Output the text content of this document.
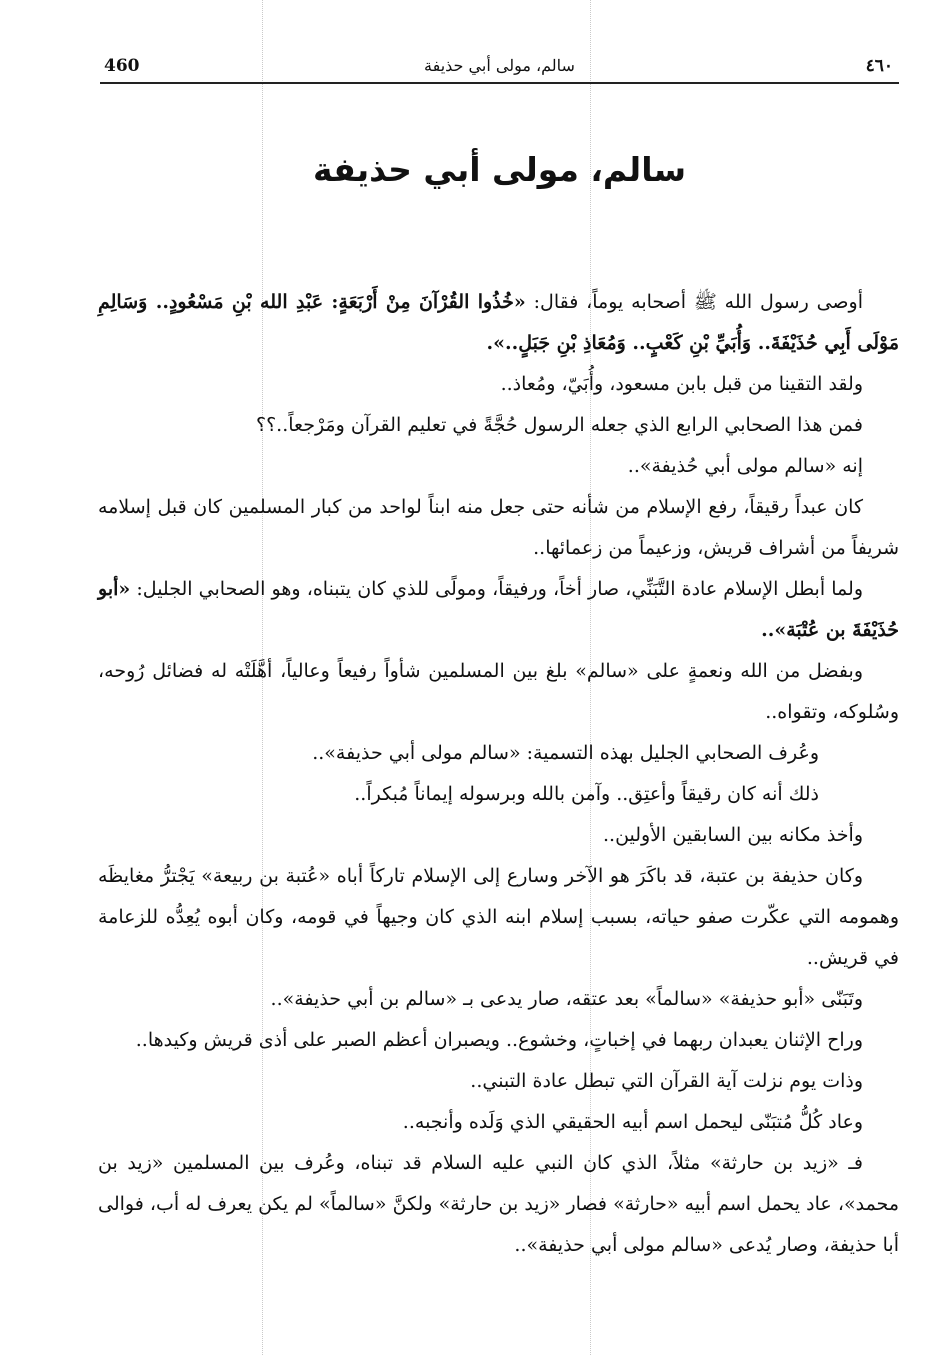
460	سالم، مولى أبي حذيفة	٤٦٠
سالم، مولى أبي حذيفة

أوصى رسول الله ﷺ أصحابه يوماً، فقال: «خُذُوا القُرْآنَ مِنْ أَرْبَعَةٍ: عَبْدِ الله بْنِ مَسْعُودٍ.. وَسَالِمِ مَوْلَى أَبِي حُذَيْفَةَ.. وَأُبَيِّ بْنِ كَعْبٍ.. وَمُعَاذِ بْنِ جَبَلٍ..».

ولقد التقينا من قبل بابن مسعود، وأُبَيّ، ومُعاذ..

فمن هذا الصحابي الرابع الذي جعله الرسول حُجَّةً في تعليم القرآن ومَرْجعاً..؟؟

إنه «سالم مولى أبي حُذيفة»..

كان عبداً رقيقاً، رفع الإسلام من شأنه حتى جعل منه ابناً لواحد من كبار المسلمين كان قبل إسلامه شريفاً من أشراف قريش، وزعيماً من زعمائها..

ولما أبطل الإسلام عادة التَّبَنِّي، صار أخاً، ورفيقاً، ومولًى للذي كان يتبناه، وهو الصحابي الجليل: «أبو حُذَيْفَةَ بن عُتْبَة»..

وبفضل من الله ونعمةٍ على «سالم» بلغ بين المسلمين شأواً رفيعاً وعالياً، أهَّلَتْه له فضائل رُوحه، وسُلوكه، وتقواه..

وعُرف الصحابي الجليل بهذه التسمية: «سالم مولى أبي حذيفة»..

ذلك أنه كان رقيقاً وأعتِق.. وآمن بالله وبرسوله إيماناً مُبكراً..

وأخذ مكانه بين السابقين الأولين..

وكان حذيفة بن عتبة، قد باكَرَ هو الآخر وسارع إلى الإسلام تاركاً أباه «عُتبة بن ربيعة» يَجْترُّ مغايظَه وهمومه التي عكّرت صفو حياته، بسبب إسلام ابنه الذي كان وجيهاً في قومه، وكان أبوه يُعِدُّه للزعامة في قريش..

وتَبَنّى «أبو حذيفة» «سالماً» بعد عتقه، صار يدعى بـ «سالم بن أبي حذيفة»..

وراح الإثنان يعبدان ربهما في إخباتٍ، وخشوع.. ويصبران أعظم الصبر على أذى قريش وكيدها..

وذات يوم نزلت آية القرآن التي تبطل عادة التبني..

وعاد كُلُّ مُتبَنّى ليحمل اسم أبيه الحقيقي الذي وَلَده وأنجبه..

فـ «زيد بن حارثة» مثلاً، الذي كان النبي عليه السلام قد تبناه، وعُرف بين المسلمين «زيد بن محمد»، عاد يحمل اسم أبيه «حارثة» فصار «زيد بن حارثة» ولكنَّ «سالماً» لم يكن يعرف له أب، فوالى أبا حذيفة، وصار يُدعى «سالم مولى أبي حذيفة»..
